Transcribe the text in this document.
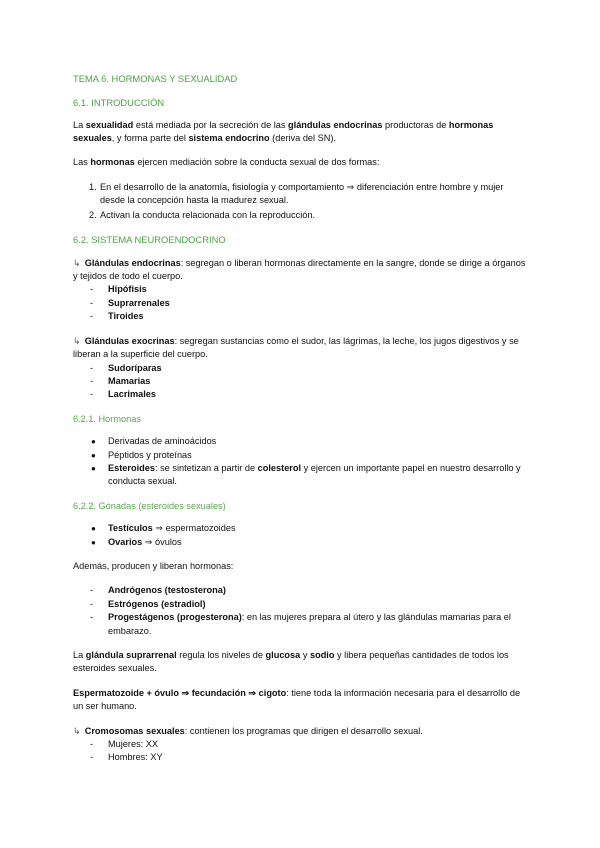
TEMA 6. HORMONAS Y SEXUALIDAD
6.1. INTRODUCCIÓN

La sexualidad está mediada por la secreción de las glándulas endocrinas productoras de hormonas sexuales, y forma parte del sistema endocrino (deriva del SN).

Las hormonas ejercen mediación sobre la conducta sexual de dos formas:

1. En el desarrollo de la anatomía, fisiología y comportamiento ⇒ diferenciación entre hombre y mujer desde la concepción hasta la madurez sexual.
2. Activan la conducta relacionada con la reproducción.
6.2. SISTEMA NEUROENDOCRINO

↳ Glándulas endocrinas: segregan o liberan hormonas directamente en la sangre, donde se dirige a órganos y tejidos de todo el cuerpo.

- Hipófisis
- Suprarrenales
- Tiroides

↳ Glándulas exocrinas: segregan sustancias como el sudor, las lágrimas, la leche, los jugos digestivos y se liberan a la superficie del cuerpo.

- Sudoríparas
- Mamarias
- Lacrimales
6.2.1. Hormonas
● Derivadas de aminoácidos
● Péptidos y proteínas
● Esteroides: se sintetizan a partir de colesterol y ejercen un importante papel en nuestro desarrollo y conducta sexual.
6.2.2. Gónadas (esteroides sexuales)
● Testículos ⇒ espermatozoides
● Ovarios ⇒ óvulos

Además, producen y liberan hormonas:

- Andrógenos (testosterona)
- Estrógenos (estradiol)
- Progestágenos (progesterona): en las mujeres prepara al útero y las glándulas mamarias para el embarazo.

La glándula suprarrenal regula los niveles de glucosa y sodio y libera pequeñas cantidades de todos los esteroides sexuales.

Espermatozoide + óvulo ⇒ fecundación ⇒ cigoto: tiene toda la información necesaria para el desarrollo de un ser humano.

↳ Cromosomas sexuales: contienen los programas que dirigen el desarrollo sexual.

- Mujeres: XX
- Hombres: XY
